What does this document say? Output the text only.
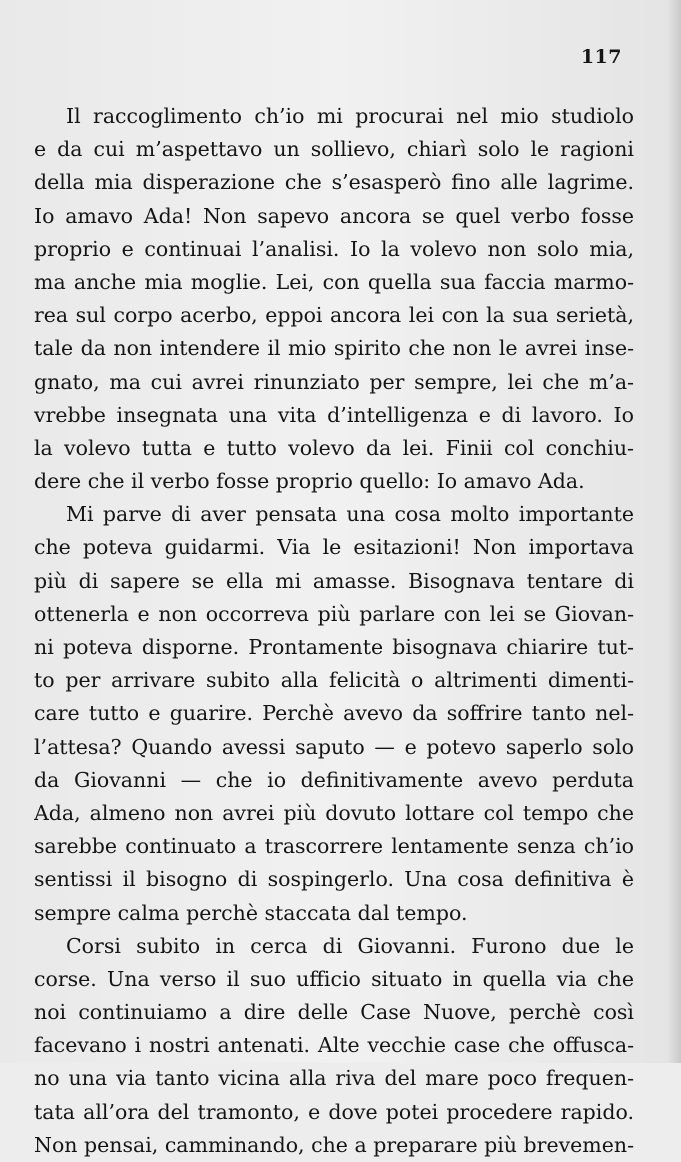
117
Il raccoglimento ch’io mi procurai nel mio studiolo
e da cui m’aspettavo un sollievo, chiarì solo le ragioni
della mia disperazione che s’esasperò fino alle lagrime.
Io amavo Ada! Non sapevo ancora se quel verbo fosse
proprio e continuai l’analisi. Io la volevo non solo mia,
ma anche mia moglie. Lei, con quella sua faccia marmo-
rea sul corpo acerbo, eppoi ancora lei con la sua serietà,
tale da non intendere il mio spirito che non le avrei inse-
gnato, ma cui avrei rinunziato per sempre, lei che m’a-
vrebbe insegnata una vita d’intelligenza e di lavoro. Io
la volevo tutta e tutto volevo da lei. Finii col conchiu-
dere che il verbo fosse proprio quello: Io amavo Ada.
Mi parve di aver pensata una cosa molto importante
che poteva guidarmi. Via le esitazioni! Non importava
più di sapere se ella mi amasse. Bisognava tentare di
ottenerla e non occorreva più parlare con lei se Giovan-
ni poteva disporne. Prontamente bisognava chiarire tut-
to per arrivare subito alla felicità o altrimenti dimenti-
care tutto e guarire. Perchè avevo da soffrire tanto nel-
l’attesa? Quando avessi saputo — e potevo saperlo solo
da Giovanni — che io definitivamente avevo perduta
Ada, almeno non avrei più dovuto lottare col tempo che
sarebbe continuato a trascorrere lentamente senza ch’io
sentissi il bisogno di sospingerlo. Una cosa definitiva è
sempre calma perchè staccata dal tempo.
Corsi subito in cerca di Giovanni. Furono due le
corse. Una verso il suo ufficio situato in quella via che
noi continuiamo a dire delle Case Nuove, perchè così
facevano i nostri antenati. Alte vecchie case che offusca-
no una via tanto vicina alla riva del mare poco frequen-
tata all’ora del tramonto, e dove potei procedere rapido.
Non pensai, camminando, che a preparare più brevemen-
